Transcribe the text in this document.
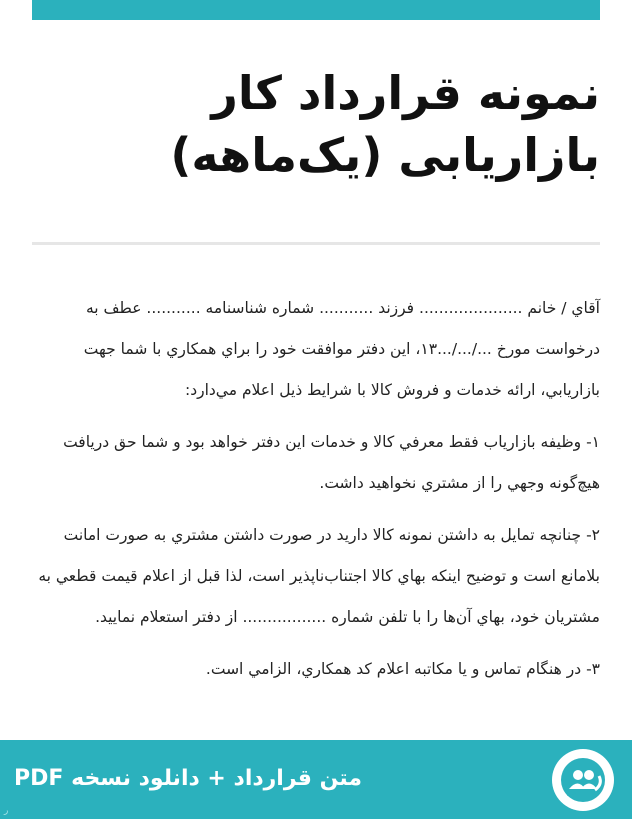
نمونه قرارداد کار
بازاریابی (یک‌ماهه)

آقاي / خانم ..................... فرزند ........... شماره شناسنامه ........... عطف به درخواست مورخ .../.../...۱۳، این دفتر موافقت خود را براي همكاري با شما جهت بازاريابي، ارائه خدمات و فروش كالا با شرايط ذيل اعلام مي‌دارد:

۱- وظيفه بازارياب فقط معرفي كالا و خدمات اين دفتر خواهد بود و شما حق دريافت هيچ‌گونه وجهي را از مشتري نخواهيد داشت.

۲- چنانچه تمايل به داشتن نمونه كالا داريد در صورت داشتن مشتري به صورت امانت بلامانع است و توضيح اينكه بهاي كالا اجتناب‌ناپذير است، لذا قبل از اعلام قيمت قطعي به مشتريان خود، بهاي آن‌ها را با تلفن شماره ................. از دفتر استعلام نماييد.

۳- در هنگام تماس و يا مكاتبه اعلام كد همكاري، الزامي است.

متن قرارداد + دانلود نسخه PDF
ر
